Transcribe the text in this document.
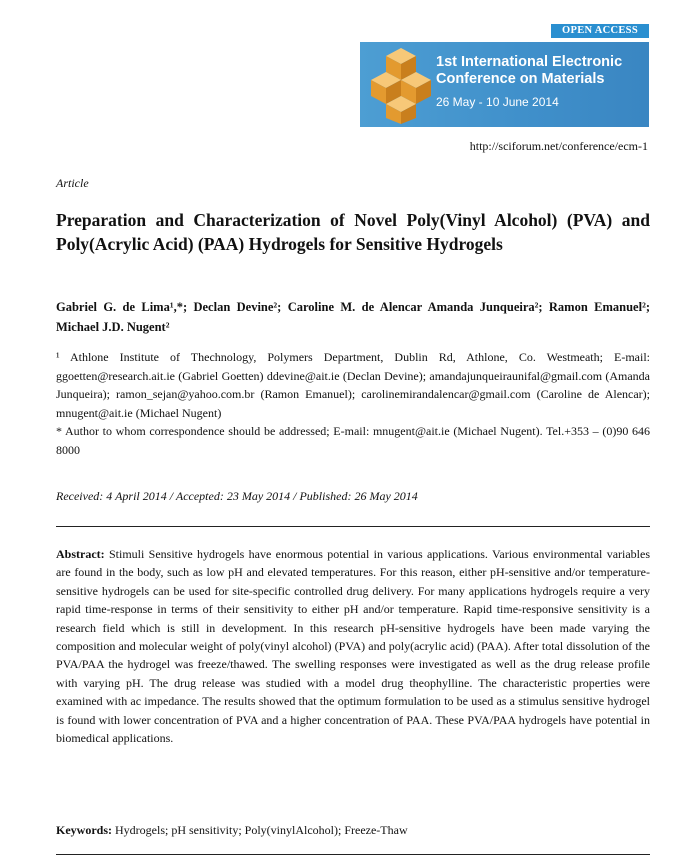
OPEN ACCESS
1st International Electronic
Conference on Materials
26 May - 10 June 2014
http://sciforum.net/conference/ecm-1
Article
Preparation and Characterization of Novel Poly(Vinyl Alcohol) (PVA) and Poly(Acrylic Acid) (PAA) Hydrogels for Sensitive Hydrogels
Gabriel G. de Lima¹,*; Declan Devine²; Caroline M. de Alencar Amanda Junqueira²; Ramon Emanuel²; Michael J.D. Nugent²
¹ Athlone Institute of Thechnology, Polymers Department, Dublin Rd, Athlone, Co. Westmeath; E-mail: ggoetten@research.ait.ie (Gabriel Goetten) ddevine@ait.ie (Declan Devine); amandajunqueiraunifal@gmail.com (Amanda Junqueira); ramon_sejan@yahoo.com.br (Ramon Emanuel); carolinemirandalencar@gmail.com (Caroline de Alencar); mnugent@ait.ie (Michael Nugent)
* Author to whom correspondence should be addressed; E-mail: mnugent@ait.ie (Michael Nugent). Tel.+353 – (0)90 646 8000
Received: 4 April 2014 / Accepted: 23 May 2014 / Published: 26 May 2014
Abstract: Stimuli Sensitive hydrogels have enormous potential in various applications. Various environmental variables are found in the body, such as low pH and elevated temperatures. For this reason, either pH-sensitive and/or temperature-sensitive hydrogels can be used for site-specific controlled drug delivery. For many applications hydrogels require a very rapid time-response in terms of their sensitivity to either pH and/or temperature. Rapid time-responsive sensitivity is a research field which is still in development. In this research pH-sensitive hydrogels have been made varying the composition and molecular weight of poly(vinyl alcohol) (PVA) and poly(acrylic acid) (PAA). After total dissolution of the PVA/PAA the hydrogel was freeze/thawed. The swelling responses were investigated as well as the drug release profile with varying pH. The drug release was studied with a model drug theophylline. The characteristic properties were examined with ac impedance. The results showed that the optimum formulation to be used as a stimulus sensitive hydrogel is found with lower concentration of PVA and a higher concentration of PAA. These PVA/PAA hydrogels have potential in biomedical applications.
Keywords: Hydrogels; pH sensitivity; Poly(vinylAlcohol); Freeze-Thaw
